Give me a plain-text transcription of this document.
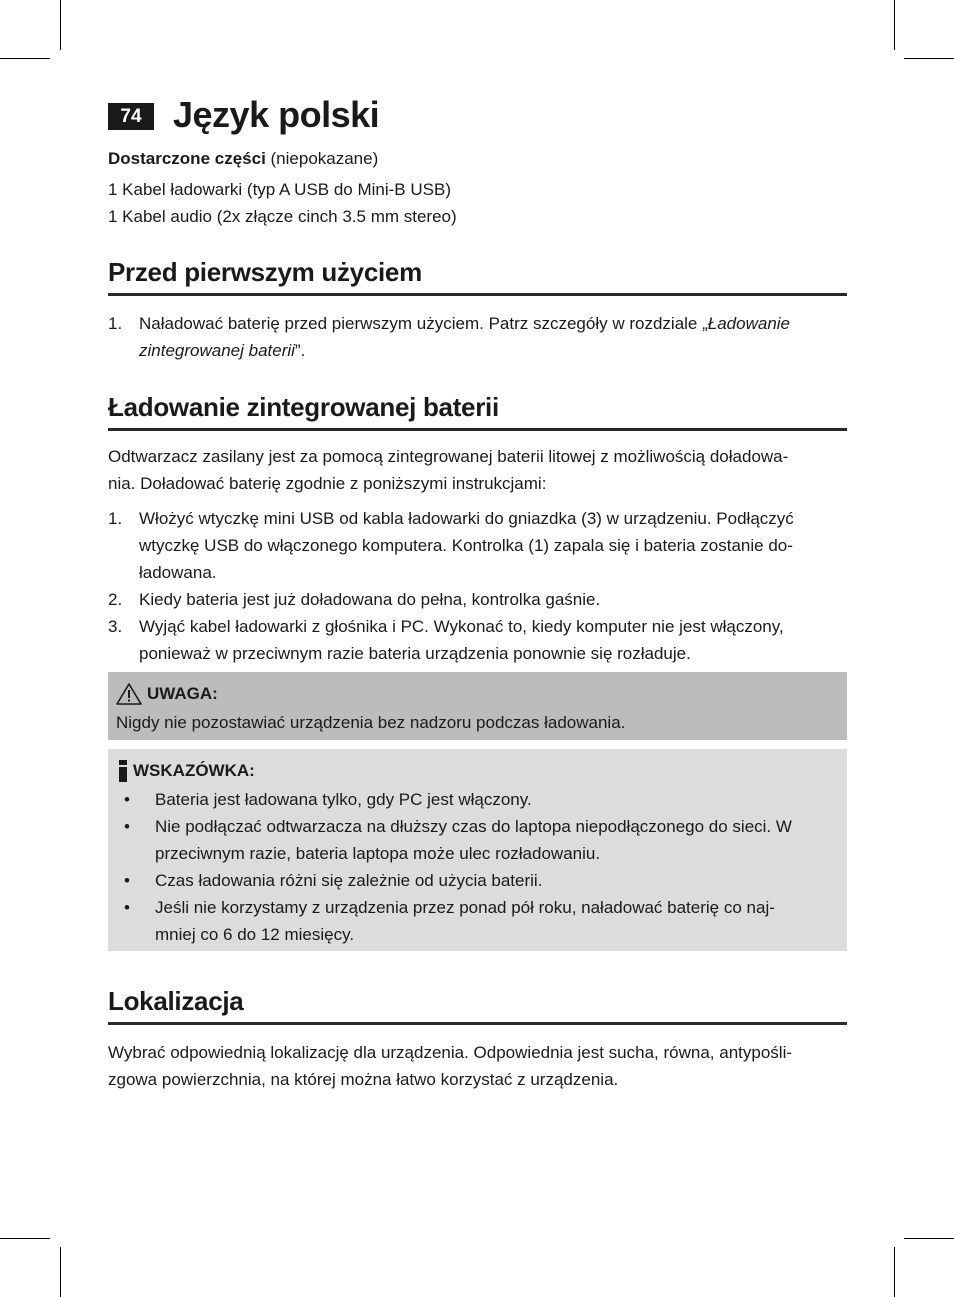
74 Język polski
Dostarczone części (niepokazane)
1 Kabel ładowarki (typ A USB do Mini-B USB)
1 Kabel audio (2x złącze cinch 3.5 mm stereo)
Przed pierwszym użyciem
1. Naładować baterię przed pierwszym użyciem. Patrz szczegóły w rozdziale „Ładowanie
zintegrowanej baterii”.
Ładowanie zintegrowanej baterii
Odtwarzacz zasilany jest za pomocą zintegrowanej baterii litowej z możliwością doładowa-
nia. Doładować baterię zgodnie z poniższymi instrukcjami:
1. Włożyć wtyczkę mini USB od kabla ładowarki do gniazdka (3) w urządzeniu. Podłączyć
wtyczkę USB do włączonego komputera. Kontrolka (1) zapala się i bateria zostanie do-
ładowana.
2. Kiedy bateria jest już doładowana do pełna, kontrolka gaśnie.
3. Wyjąć kabel ładowarki z głośnika i PC. Wykonać to, kiedy komputer nie jest włączony,
ponieważ w przeciwnym razie bateria urządzenia ponownie się rozładuje.
UWAGA:
Nigdy nie pozostawiać urządzenia bez nadzoru podczas ładowania.
WSKAZÓWKA:
• Bateria jest ładowana tylko, gdy PC jest włączony.
• Nie podłączać odtwarzacza na dłuższy czas do laptopa niepodłączonego do sieci. W
przeciwnym razie, bateria laptopa może ulec rozładowaniu.
• Czas ładowania różni się zależnie od użycia baterii.
• Jeśli nie korzystamy z urządzenia przez ponad pół roku, naładować baterię co naj-
mniej co 6 do 12 miesięcy.
Lokalizacja
Wybrać odpowiednią lokalizację dla urządzenia. Odpowiednia jest sucha, równa, antypośli-
zgowa powierzchnia, na której można łatwo korzystać z urządzenia.
